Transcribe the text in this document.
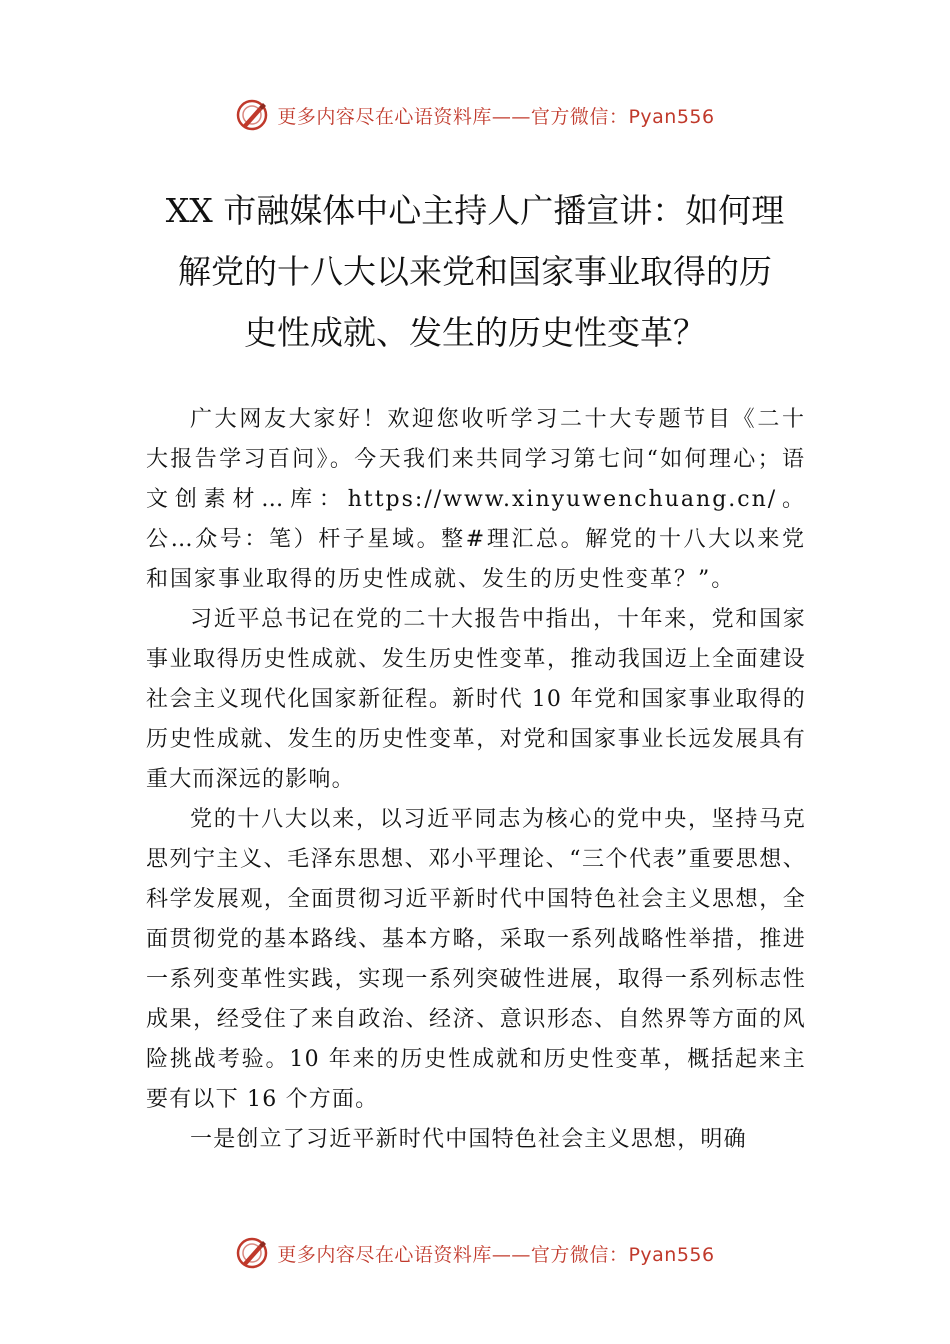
更多内容尽在心语资料库——官方微信：Pyan556
XX 市融媒体中心主持人广播宣讲：如何理
解党的十八大以来党和国家事业取得的历
史性成就、发生的历史性变革？

广大网友大家好！欢迎您收听学习二十大专题节目《二十大报告学习百问》。今天我们来共同学习第七问“如何理心；语文创素材…库：https://www.xinyuwenchuang.cn/。公…众号：笔）杆子星域。整#理汇总。解党的十八大以来党和国家事业取得的历史性成就、发生的历史性变革？”。

习近平总书记在党的二十大报告中指出，十年来，党和国家事业取得历史性成就、发生历史性变革，推动我国迈上全面建设社会主义现代化国家新征程。新时代 10 年党和国家事业取得的历史性成就、发生的历史性变革，对党和国家事业长远发展具有重大而深远的影响。

党的十八大以来，以习近平同志为核心的党中央，坚持马克思列宁主义、毛泽东思想、邓小平理论、“三个代表”重要思想、科学发展观，全面贯彻习近平新时代中国特色社会主义思想，全面贯彻党的基本路线、基本方略，采取一系列战略性举措，推进一系列变革性实践，实现一系列突破性进展，取得一系列标志性成果，经受住了来自政治、经济、意识形态、自然界等方面的风险挑战考验。10 年来的历史性成就和历史性变革，概括起来主要有以下 16 个方面。

一是创立了习近平新时代中国特色社会主义思想，明确

更多内容尽在心语资料库——官方微信：Pyan556
